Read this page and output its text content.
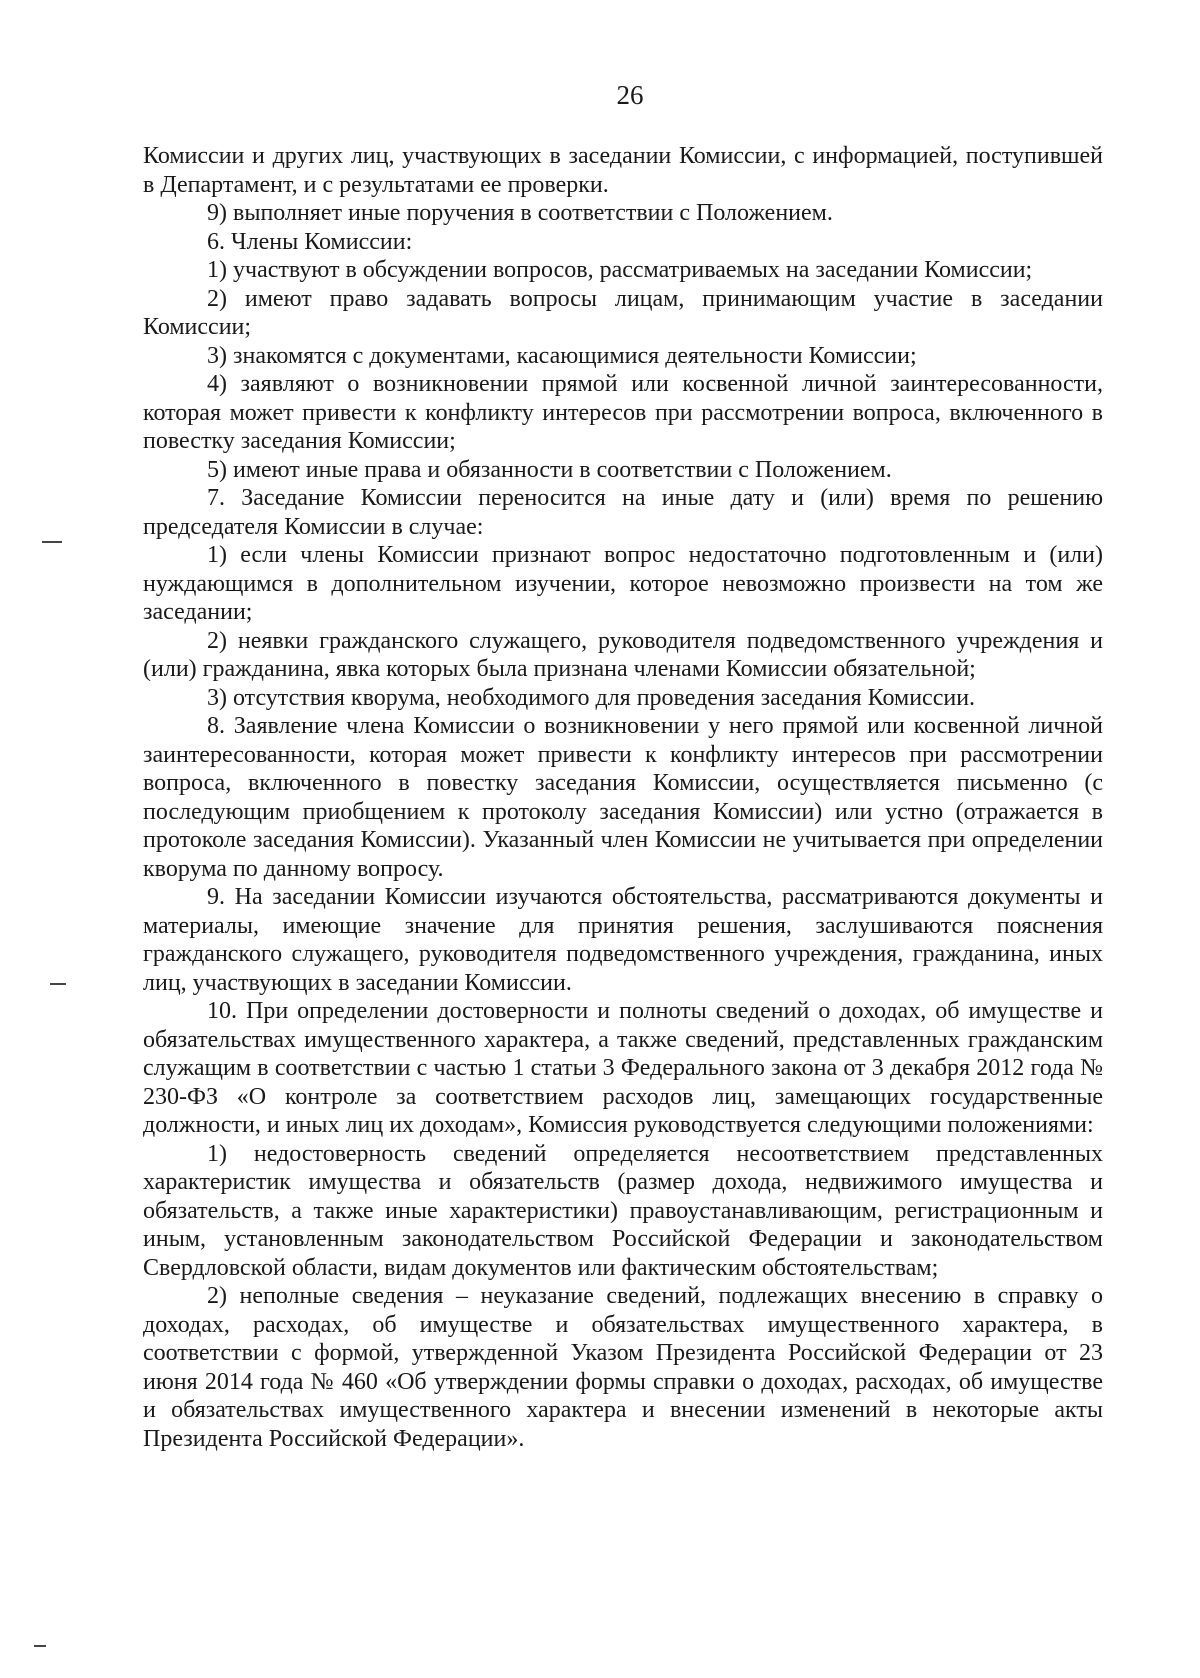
26

Комиссии и других лиц, участвующих в заседании Комиссии, с информацией, поступившей в Департамент, и с результатами ее проверки.

9) выполняет иные поручения в соответствии с Положением.

6. Члены Комиссии:

1) участвуют в обсуждении вопросов, рассматриваемых на заседании Комиссии;

2) имеют право задавать вопросы лицам, принимающим участие в заседании Комиссии;

3) знакомятся с документами, касающимися деятельности Комиссии;

4) заявляют о возникновении прямой или косвенной личной заинтересованности, которая может привести к конфликту интересов при рассмотрении вопроса, включенного в повестку заседания Комиссии;

5) имеют иные права и обязанности в соответствии с Положением.

7. Заседание Комиссии переносится на иные дату и (или) время по решению председателя Комиссии в случае:

1) если члены Комиссии признают вопрос недостаточно подготовленным и (или) нуждающимся в дополнительном изучении, которое невозможно произвести на том же заседании;

2) неявки гражданского служащего, руководителя подведомственного учреждения и (или) гражданина, явка которых была признана членами Комиссии обязательной;

3) отсутствия кворума, необходимого для проведения заседания Комиссии.

8. Заявление члена Комиссии о возникновении у него прямой или косвенной личной заинтересованности, которая может привести к конфликту интересов при рассмотрении вопроса, включенного в повестку заседания Комиссии, осуществляется письменно (с последующим приобщением к протоколу заседания Комиссии) или устно (отражается в протоколе заседания Комиссии). Указанный член Комиссии не учитывается при определении кворума по данному вопросу.

9. На заседании Комиссии изучаются обстоятельства, рассматриваются документы и материалы, имеющие значение для принятия решения, заслушиваются пояснения гражданского служащего, руководителя подведомственного учреждения, гражданина, иных лиц, участвующих в заседании Комиссии.

10. При определении достоверности и полноты сведений о доходах, об имуществе и обязательствах имущественного характера, а также сведений, представленных гражданским служащим в соответствии с частью 1 статьи 3 Федерального закона от 3 декабря 2012 года № 230-ФЗ «О контроле за соответствием расходов лиц, замещающих государственные должности, и иных лиц их доходам», Комиссия руководствуется следующими положениями:

1) недостоверность сведений определяется несоответствием представленных характеристик имущества и обязательств (размер дохода, недвижимого имущества и обязательств, а также иные характеристики) правоустанавливающим, регистрационным и иным, установленным законодательством Российской Федерации и законодательством Свердловской области, видам документов или фактическим обстоятельствам;

2) неполные сведения – неуказание сведений, подлежащих внесению в справку о доходах, расходах, об имуществе и обязательствах имущественного характера, в соответствии с формой, утвержденной Указом Президента Российской Федерации от 23 июня 2014 года № 460 «Об утверждении формы справки о доходах, расходах, об имуществе и обязательствах имущественного характера и внесении изменений в некоторые акты Президента Российской Федерации».
